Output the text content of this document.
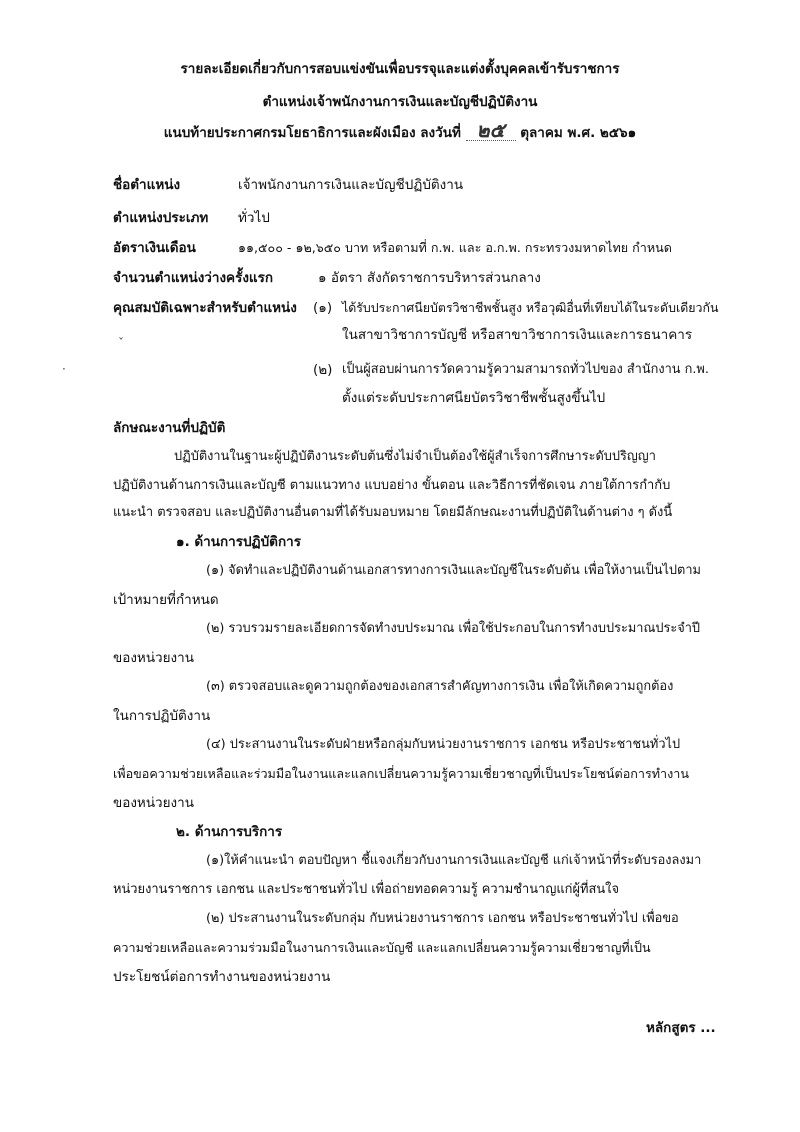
รายละเอียดเกี่ยวกับการสอบแข่งขันเพื่อบรรจุและแต่งตั้งบุคคลเข้ารับราชการ
ตำแหน่งเจ้าพนักงานการเงินและบัญชีปฏิบัติงาน
แนบท้ายประกาศกรมโยธาธิการและผังเมือง ลงวันที่ ๒๕ ตุลาคม พ.ศ. ๒๕๖๑
ชื่อตำแหน่ง	เจ้าพนักงานการเงินและบัญชีปฏิบัติงาน
ตำแหน่งประเภท ทั่วไป
อัตราเงินเดือน	๑๑,๕๐๐ - ๑๒,๖๕๐ บาท หรือตามที่ ก.พ. และ อ.ก.พ. กระทรวงมหาดไทย กำหนด
จำนวนตำแหน่งว่างครั้งแรก	๑ อัตรา สังกัดราชการบริหารส่วนกลาง
คุณสมบัติเฉพาะสำหรับตำแหน่ง (๑) ได้รับประกาศนียบัตรวิชาชีพชั้นสูง หรือวุฒิอื่นที่เทียบได้ในระดับเดียวกัน
ในสาขาวิชาการบัญชี หรือสาขาวิชาการเงินและการธนาคาร
(๒) เป็นผู้สอบผ่านการวัดความรู้ความสามารถทั่วไปของ สำนักงาน ก.พ.
ตั้งแต่ระดับประกาศนียบัตรวิชาชีพชั้นสูงขึ้นไป
ˇ
·
ลักษณะงานที่ปฏิบัติ
ปฏิบัติงานในฐานะผู้ปฏิบัติงานระดับต้นซึ่งไม่จำเป็นต้องใช้ผู้สำเร็จการศึกษาระดับปริญญา
ปฏิบัติงานด้านการเงินและบัญชี ตามแนวทาง แบบอย่าง ขั้นตอน และวิธีการที่ชัดเจน ภายใต้การกำกับ
แนะนำ ตรวจสอบ และปฏิบัติงานอื่นตามที่ได้รับมอบหมาย โดยมีลักษณะงานที่ปฏิบัติในด้านต่าง ๆ ดังนี้
๑. ด้านการปฏิบัติการ
(๑) จัดทำและปฏิบัติงานด้านเอกสารทางการเงินและบัญชีในระดับต้น เพื่อให้งานเป็นไปตาม
เป้าหมายที่กำหนด
(๒) รวบรวมรายละเอียดการจัดทำงบประมาณ เพื่อใช้ประกอบในการทำงบประมาณประจำปี
ของหน่วยงาน
(๓) ตรวจสอบและดูความถูกต้องของเอกสารสำคัญทางการเงิน เพื่อให้เกิดความถูกต้อง
ในการปฏิบัติงาน
(๔) ประสานงานในระดับฝ่ายหรือกลุ่มกับหน่วยงานราชการ เอกชน หรือประชาชนทั่วไป
เพื่อขอความช่วยเหลือและร่วมมือในงานและแลกเปลี่ยนความรู้ความเชี่ยวชาญที่เป็นประโยชน์ต่อการทำงาน
ของหน่วยงาน
๒. ด้านการบริการ
(๑)ให้คำแนะนำ ตอบปัญหา ชี้แจงเกี่ยวกับงานการเงินและบัญชี แก่เจ้าหน้าที่ระดับรองลงมา
หน่วยงานราชการ เอกชน และประชาชนทั่วไป เพื่อถ่ายทอดความรู้ ความชำนาญแก่ผู้ที่สนใจ
(๒) ประสานงานในระดับกลุ่ม กับหน่วยงานราชการ เอกชน หรือประชาชนทั่วไป เพื่อขอ
ความช่วยเหลือและความร่วมมือในงานการเงินและบัญชี และแลกเปลี่ยนความรู้ความเชี่ยวชาญที่เป็น
ประโยชน์ต่อการทำงานของหน่วยงาน
หลักสูตร ...
